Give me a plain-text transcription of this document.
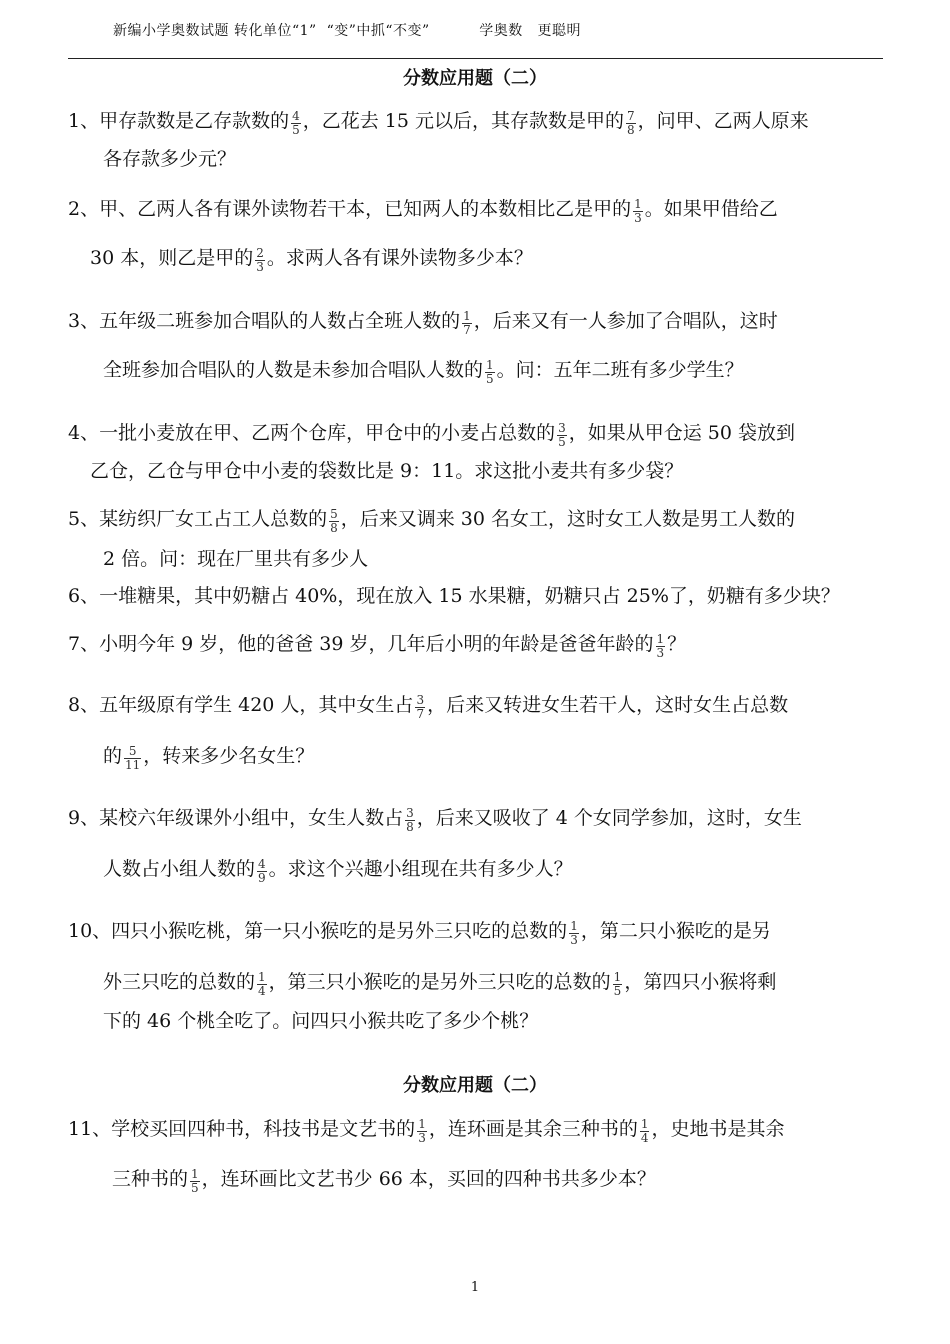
新编小学奥数试题 转化单位“1”  “变”中抓“不变”          学奥数   更聪明
分数应用题（二）
1、甲存款数是乙存款数的 $\frac{4}{5}$ ，乙花去 15 元以后，其存款数是甲的 $\frac{7}{8}$ ，问甲、乙两人原来
各存款多少元？
2、甲、乙两人各有课外读物若干本，已知两人的本数相比乙是甲的 $\frac{1}{3}$ 。如果甲借给乙
30 本，则乙是甲的 $\frac{2}{3}$ 。求两人各有课外读物多少本？
3、五年级二班参加合唱队的人数占全班人数的 $\frac{1}{7}$ ，后来又有一人参加了合唱队，这时
全班参加合唱队的人数是未参加合唱队人数的 $\frac{1}{5}$ 。问：五年二班有多少学生？
4、一批小麦放在甲、乙两个仓库，甲仓中的小麦占总数的 $\frac{3}{5}$ ，如果从甲仓运 50 袋放到
乙仓，乙仓与甲仓中小麦的袋数比是 9：11。求这批小麦共有多少袋？
5、某纺织厂女工占工人总数的 $\frac{5}{8}$ ，后来又调来 30 名女工，这时女工人数是男工人数的
2 倍。问：现在厂里共有多少人
6、一堆糖果，其中奶糖占 40%，现在放入 15 水果糖，奶糖只占 25%了，奶糖有多少块？
7、小明今年 9 岁，他的爸爸 39 岁，几年后小明的年龄是爸爸年龄的 $\frac{1}{3}$ ？
8、五年级原有学生 420 人，其中女生占 $\frac{3}{7}$ ，后来又转进女生若干人，这时女生占总数
的 $\frac{5}{11}$ ，转来多少名女生？
9、某校六年级课外小组中，女生人数占 $\frac{3}{8}$ ，后来又吸收了 4 个女同学参加，这时，女生
人数占小组人数的 $\frac{4}{9}$ 。求这个兴趣小组现在共有多少人？
10、四只小猴吃桃，第一只小猴吃的是另外三只吃的总数的 $\frac{1}{3}$ ，第二只小猴吃的是另
外三只吃的总数的 $\frac{1}{4}$ ，第三只小猴吃的是另外三只吃的总数的 $\frac{1}{5}$ ，第四只小猴将剩
下的 46 个桃全吃了。问四只小猴共吃了多少个桃？
分数应用题（二）
11、学校买回四种书，科技书是文艺书的 $\frac{1}{3}$ ，连环画是其余三种书的 $\frac{1}{4}$ ，史地书是其余
三种书的 $\frac{1}{5}$ ，连环画比文艺书少 66 本，买回的四种书共多少本？
1
